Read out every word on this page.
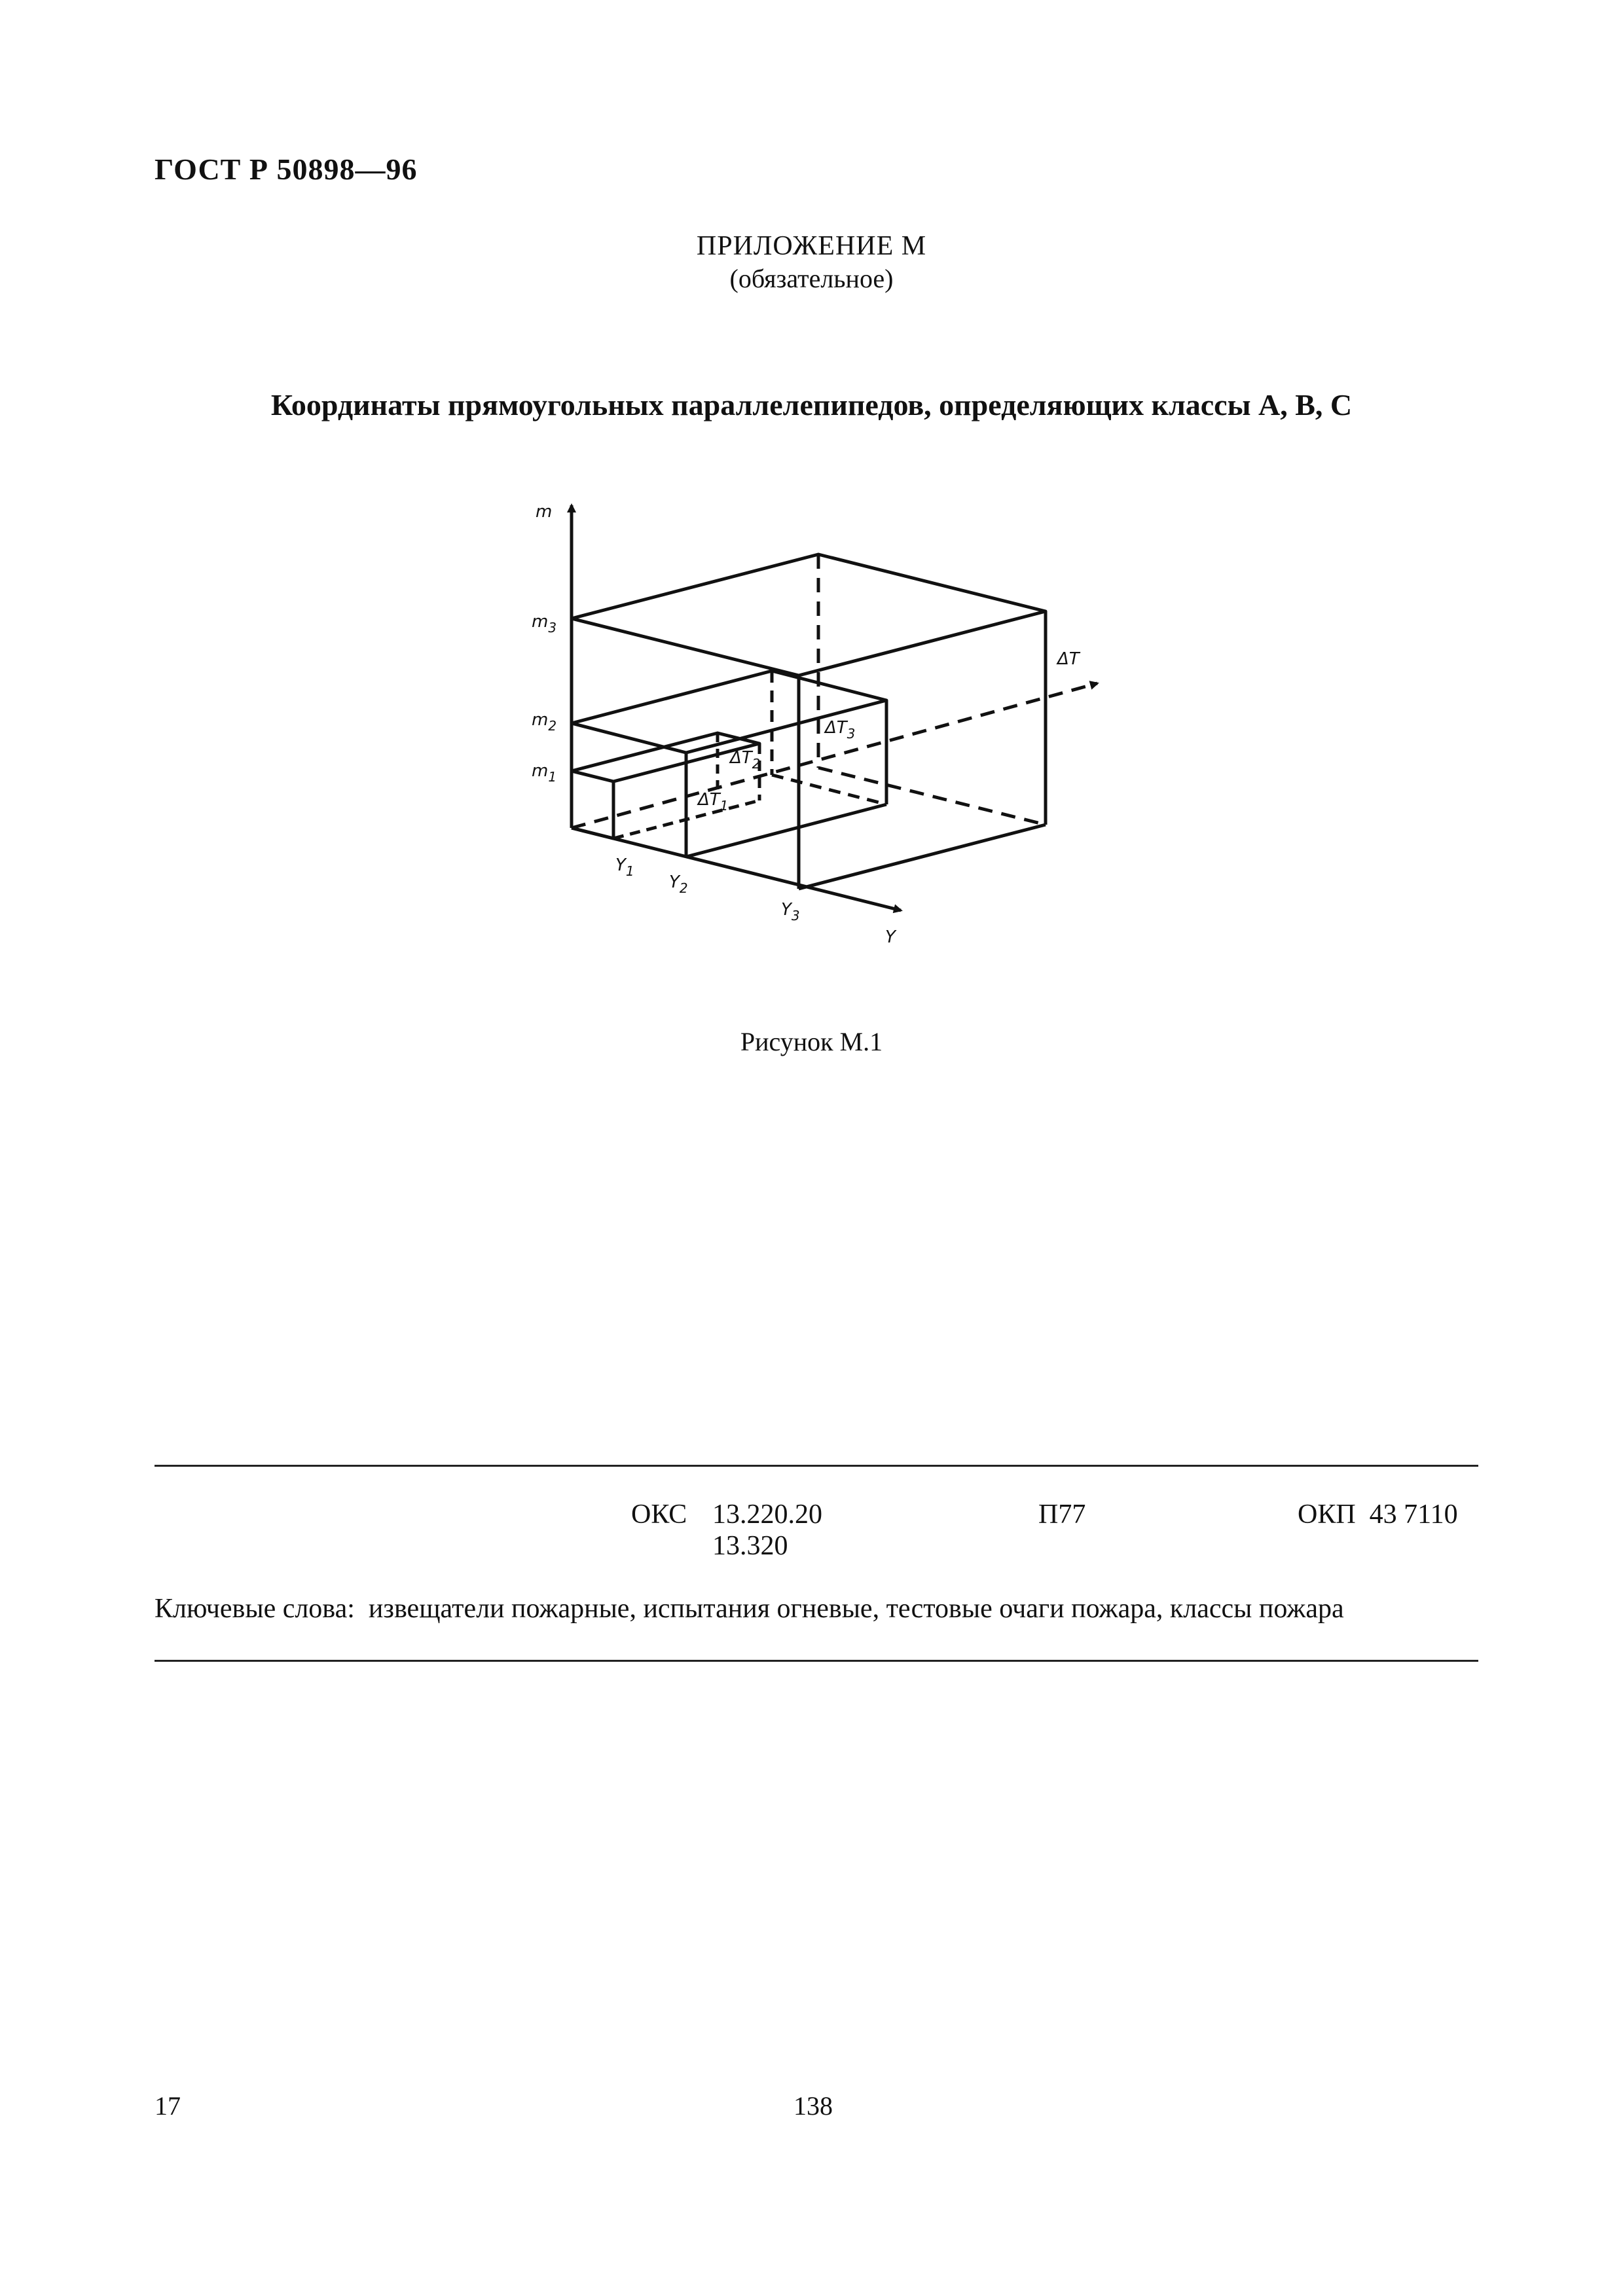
ГОСТ Р 50898—96
ПРИЛОЖЕНИЕ М
(обязательное)
Координаты прямоугольных параллелепипедов, определяющих классы А, В, С
m
$m_3$
$m_2$
$m_1$
ΔT
$\Delta T_3$
$\Delta T_2$
$\Delta T_1$
$Y_1$
$Y_2$
$Y_3$
Y
Рисунок М.1
ОКС 13.220.20
13.320
П77	ОКП  43 7110
Ключевые слова:  извещатели пожарные, испытания огневые, тестовые очаги пожара, классы пожара
17	138
